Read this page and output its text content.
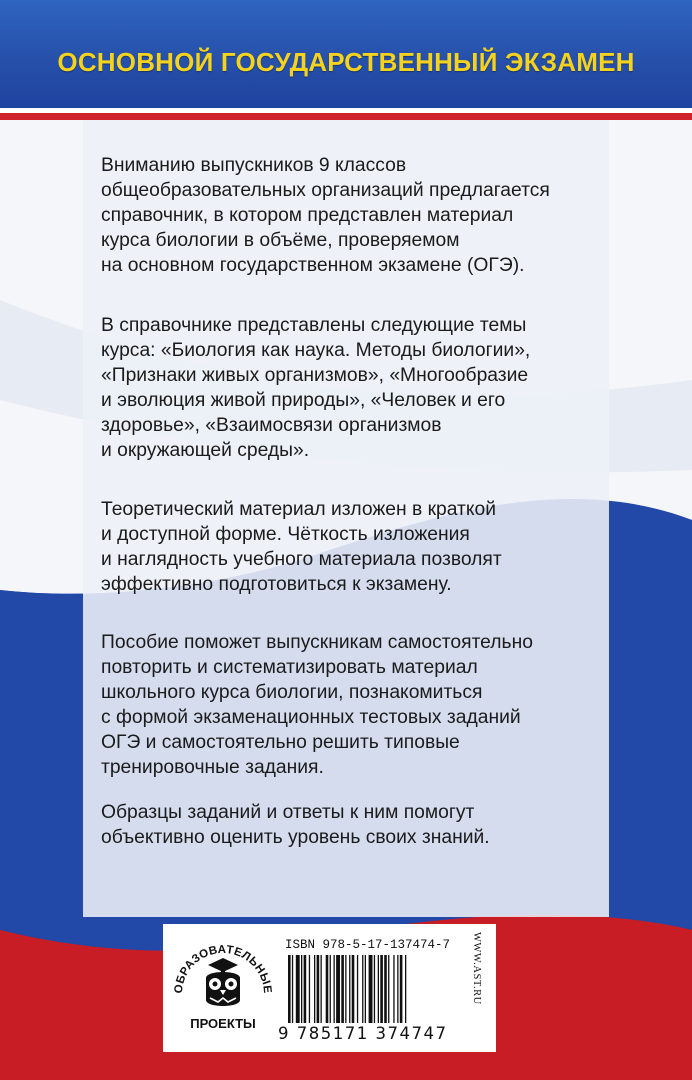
ОСНОВНОЙ ГОСУДАРСТВЕННЫЙ ЭКЗАМЕН
Вниманию выпускников 9 классов
общеобразовательных организаций предлагается
справочник, в котором представлен материал
курса биологии в объёме, проверяемом
на основном государственном экзамене (ОГЭ).
В справочнике представлены следующие темы
курса: «Биология как наука. Методы биологии»,
«Признаки живых организмов», «Многообразие
и эволюция живой природы», «Человек и его
здоровье», «Взаимосвязи организмов
и окружающей среды».
Теоретический материал изложен в краткой
и доступной форме. Чёткость изложения
и наглядность учебного материала позволят
эффективно подготовиться к экзамену.
Пособие поможет выпускникам самостоятельно
повторить и систематизировать материал
школьного курса биологии, познакомиться
с формой экзаменационных тестовых заданий
ОГЭ и самостоятельно решить типовые
тренировочные задания.
Образцы заданий и ответы к ним помогут
объективно оценить уровень своих знаний.
ОБРАЗОВАТЕЛЬНЫЕ
ПРОЕКТЫ
ISBN 978-5-17-137474-7
9 785171 374747
WWW.AST.RU
